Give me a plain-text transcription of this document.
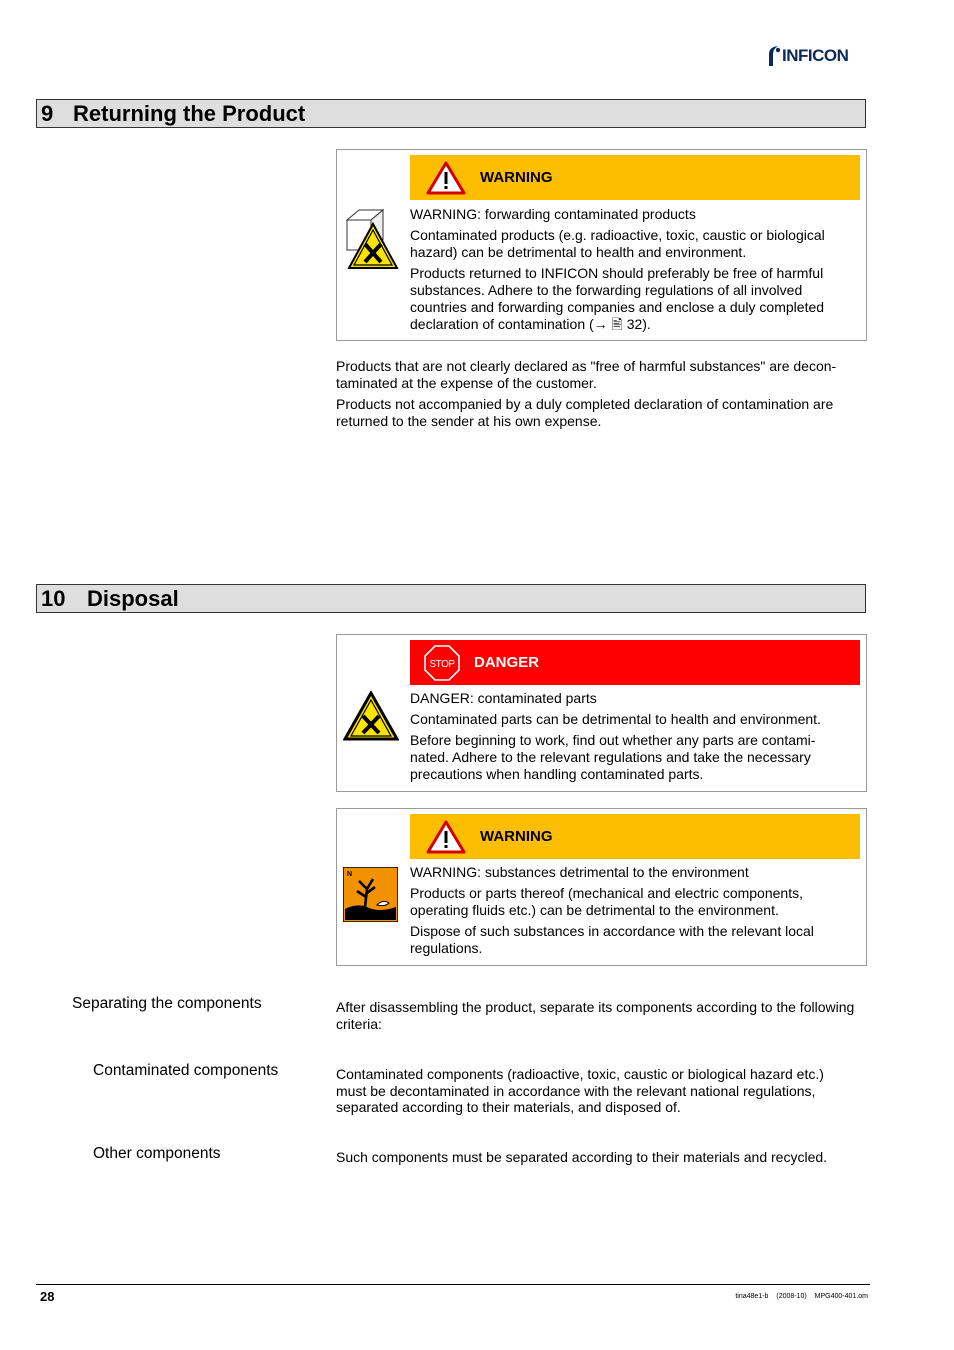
INFICON
9 Returning the Product
WARNING

WARNING: forwarding contaminated products

Contaminated products (e.g. radioactive, toxic, caustic or biological hazard) can be detrimental to health and environment.

Products returned to INFICON should preferably be free of harmful substances. Adhere to the forwarding regulations of all involved countries and forwarding companies and enclose a duly completed declaration of contamination (→ 🖹 32).

Products that are not clearly declared as "free of harmful substances" are decon-taminated at the expense of the customer.

Products not accompanied by a duly completed declaration of contamination are returned to the sender at his own expense.

10 Disposal
STOP DANGER

DANGER: contaminated parts

Contaminated parts can be detrimental to health and environment.

Before beginning to work, find out whether any parts are contami-nated. Adhere to the relevant regulations and take the necessary precautions when handling contaminated parts.

WARNING
N	WARNING: substances detrimental to the environment

Products or parts thereof (mechanical and electric components, operating fluids etc.) can be detrimental to the environment.

Dispose of such substances in accordance with the relevant local regulations.

Separating the components	After disassembling the product, separate its components according to the following criteria:

Contaminated components	Contaminated components (radioactive, toxic, caustic or biological hazard etc.) must be decontaminated in accordance with the relevant national regulations, separated according to their materials, and disposed of.

Other components	Such components must be separated according to their materials and recycled.

28	tina48e1-b (2008-10) MPG400-401.om
